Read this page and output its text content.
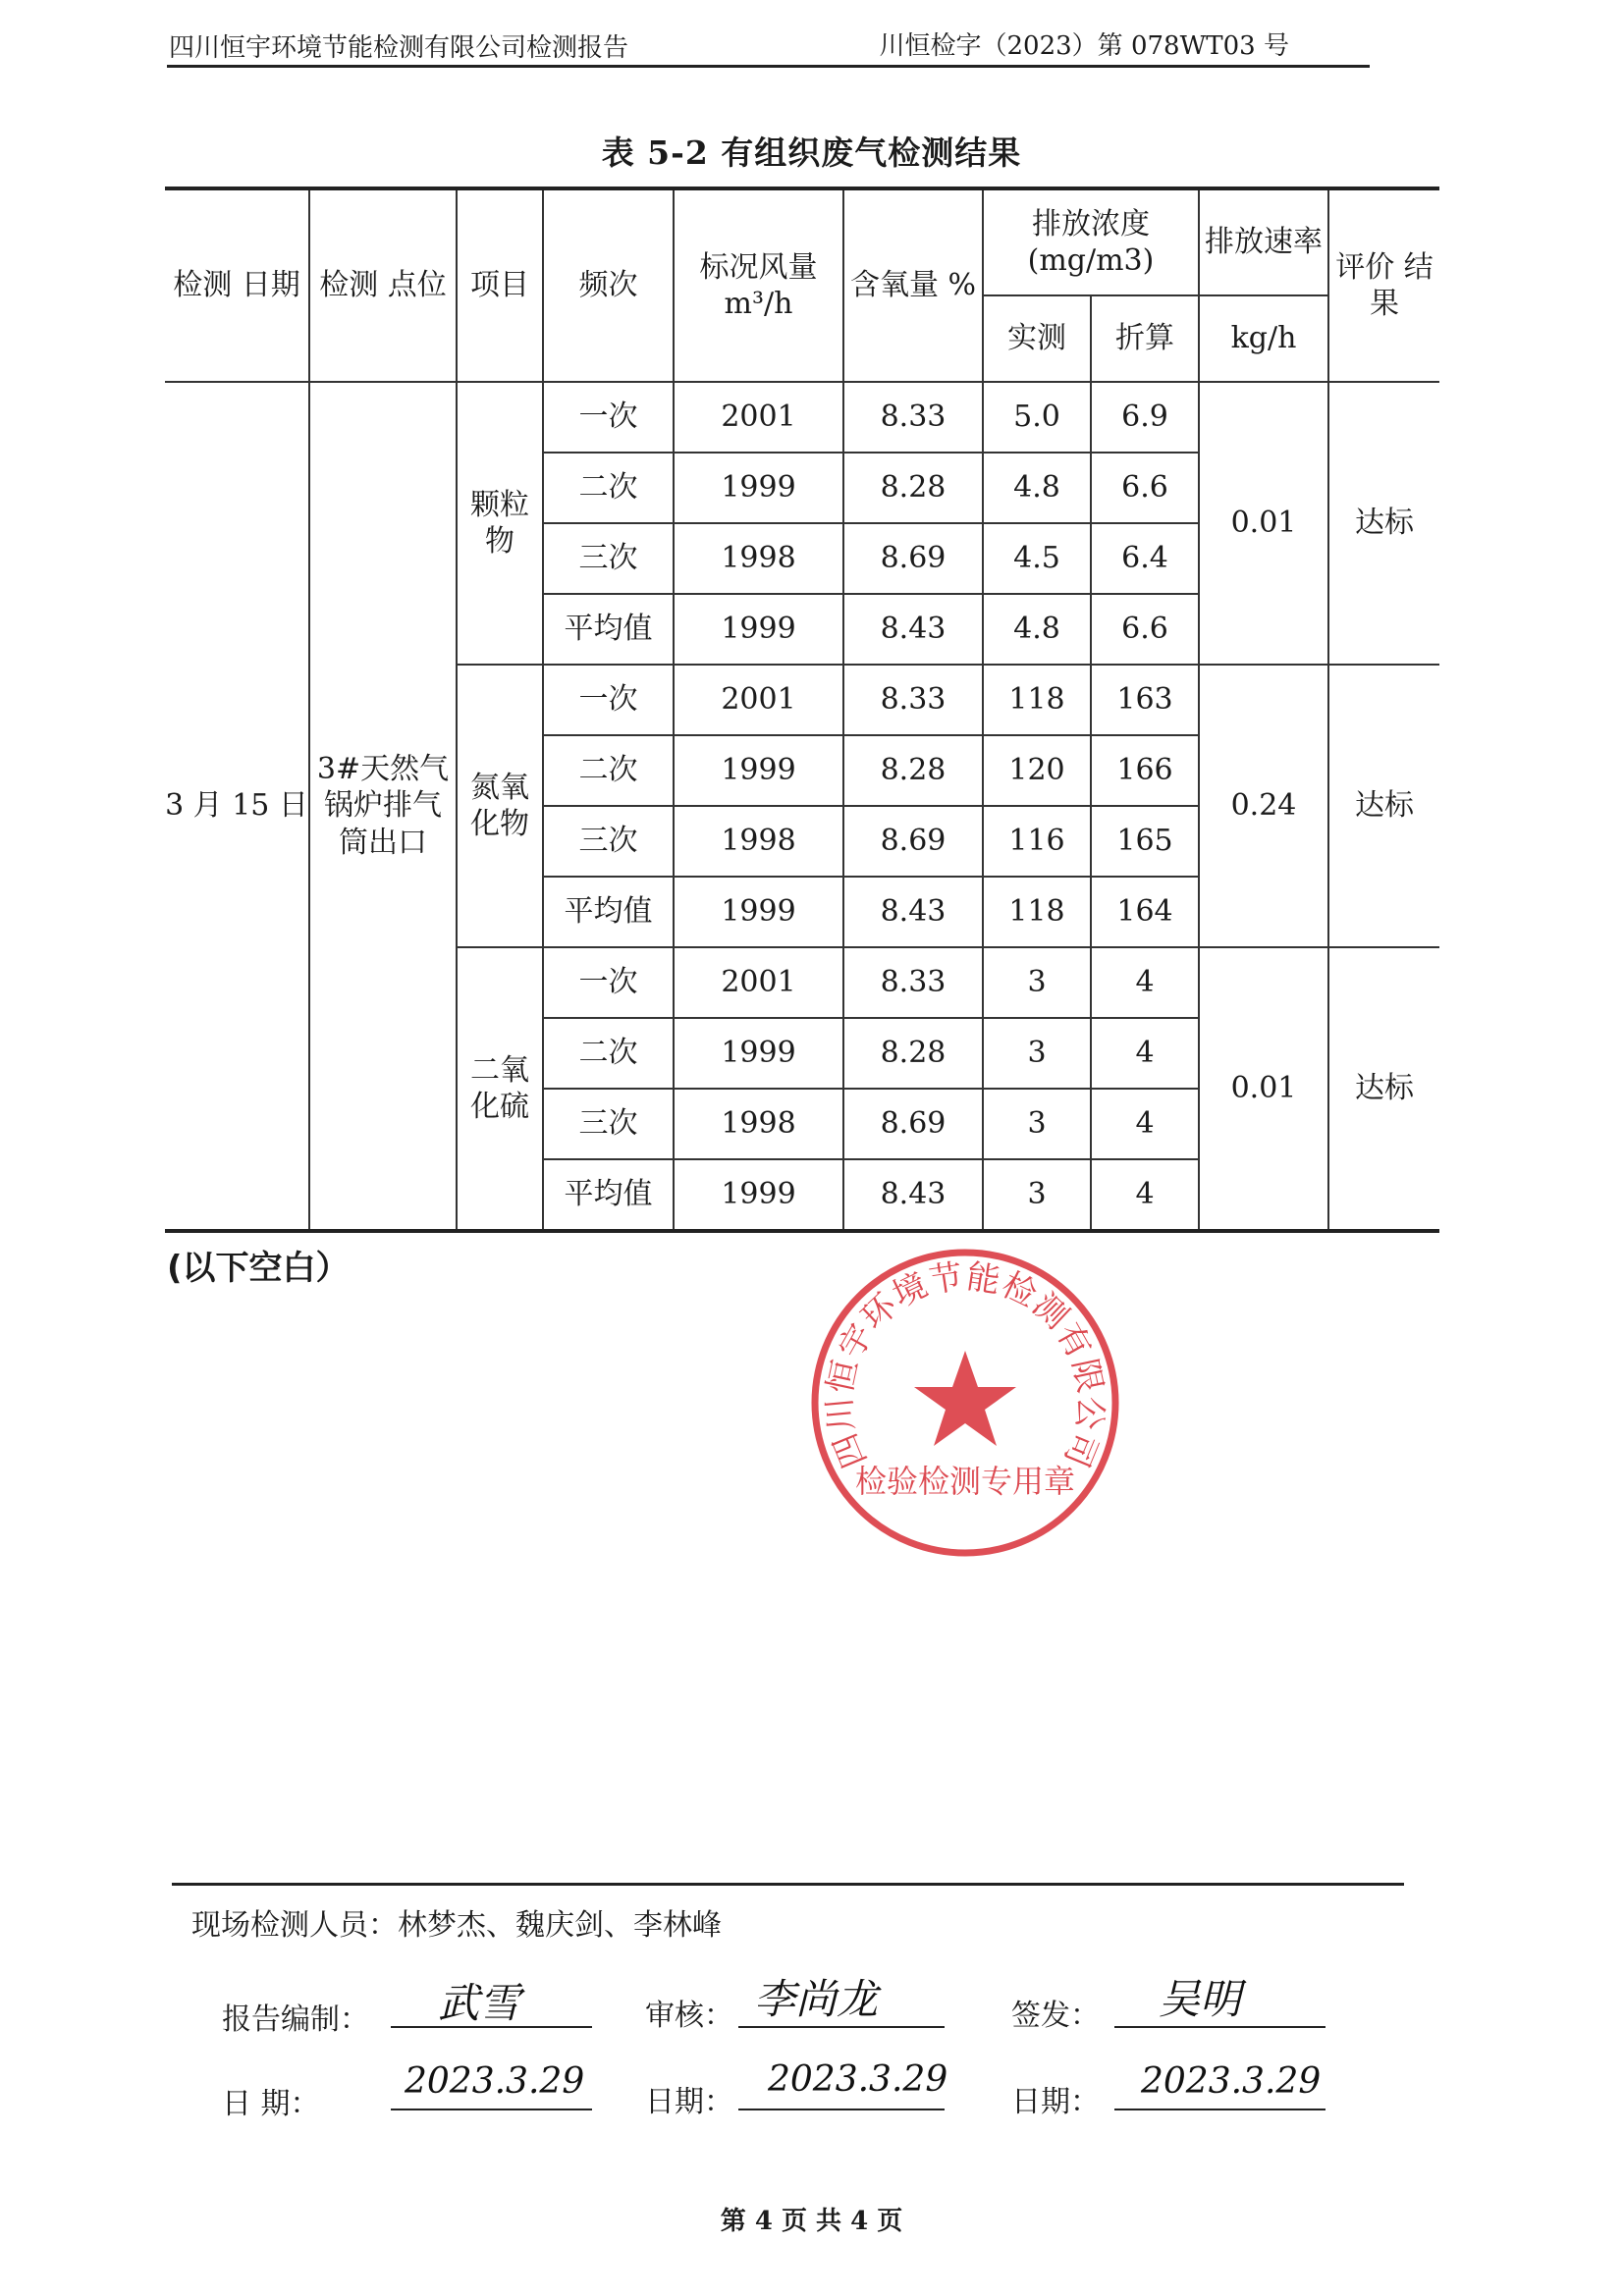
四川恒宇环境节能检测有限公司检测报告	川恒检字（2023）第 078WT03 号
表 5-2 有组织废气检测结果
检测 日期	检测 点位	项目	频次	标况风量 m³/h	含氧量 %	排放浓度 (mg/m3)		排放速率	评价 结果

						实测	折算	kg/h	
3 月 15 日	3#天然气 锅炉排气 筒出口	颗粒 物	一次	2001	8.33	5.0	6.9	0.01	达标
			二次	1999	8.28	4.8	6.6		
			三次	1998	8.69	4.5	6.4		
			平均值	1999	8.43	4.8	6.6		

		氮氧 化物	一次	2001	8.33	118	163	0.24	达标
			二次	1999	8.28	120	166		
			三次	1998	8.69	116	165		
			平均值	1999	8.43	118	164		

		二氧 化硫	一次	2001	8.33	3	4	0.01	达标
			二次	1999	8.28	3	4		
			三次	1998	8.69	3	4		
			平均值	1999	8.43	3	4		
(以下空白）
四川恒宇环境节能检测有限公司
检验检测专用章
现场检测人员：林梦杰、魏庆剑、李林峰
报告编制： 武雪	审核： 李尚龙	签发： 吴明
日 期：
2023.3.29
日期：
2023.3.29
日期：
2023.3.29
第 4 页 共 4 页
